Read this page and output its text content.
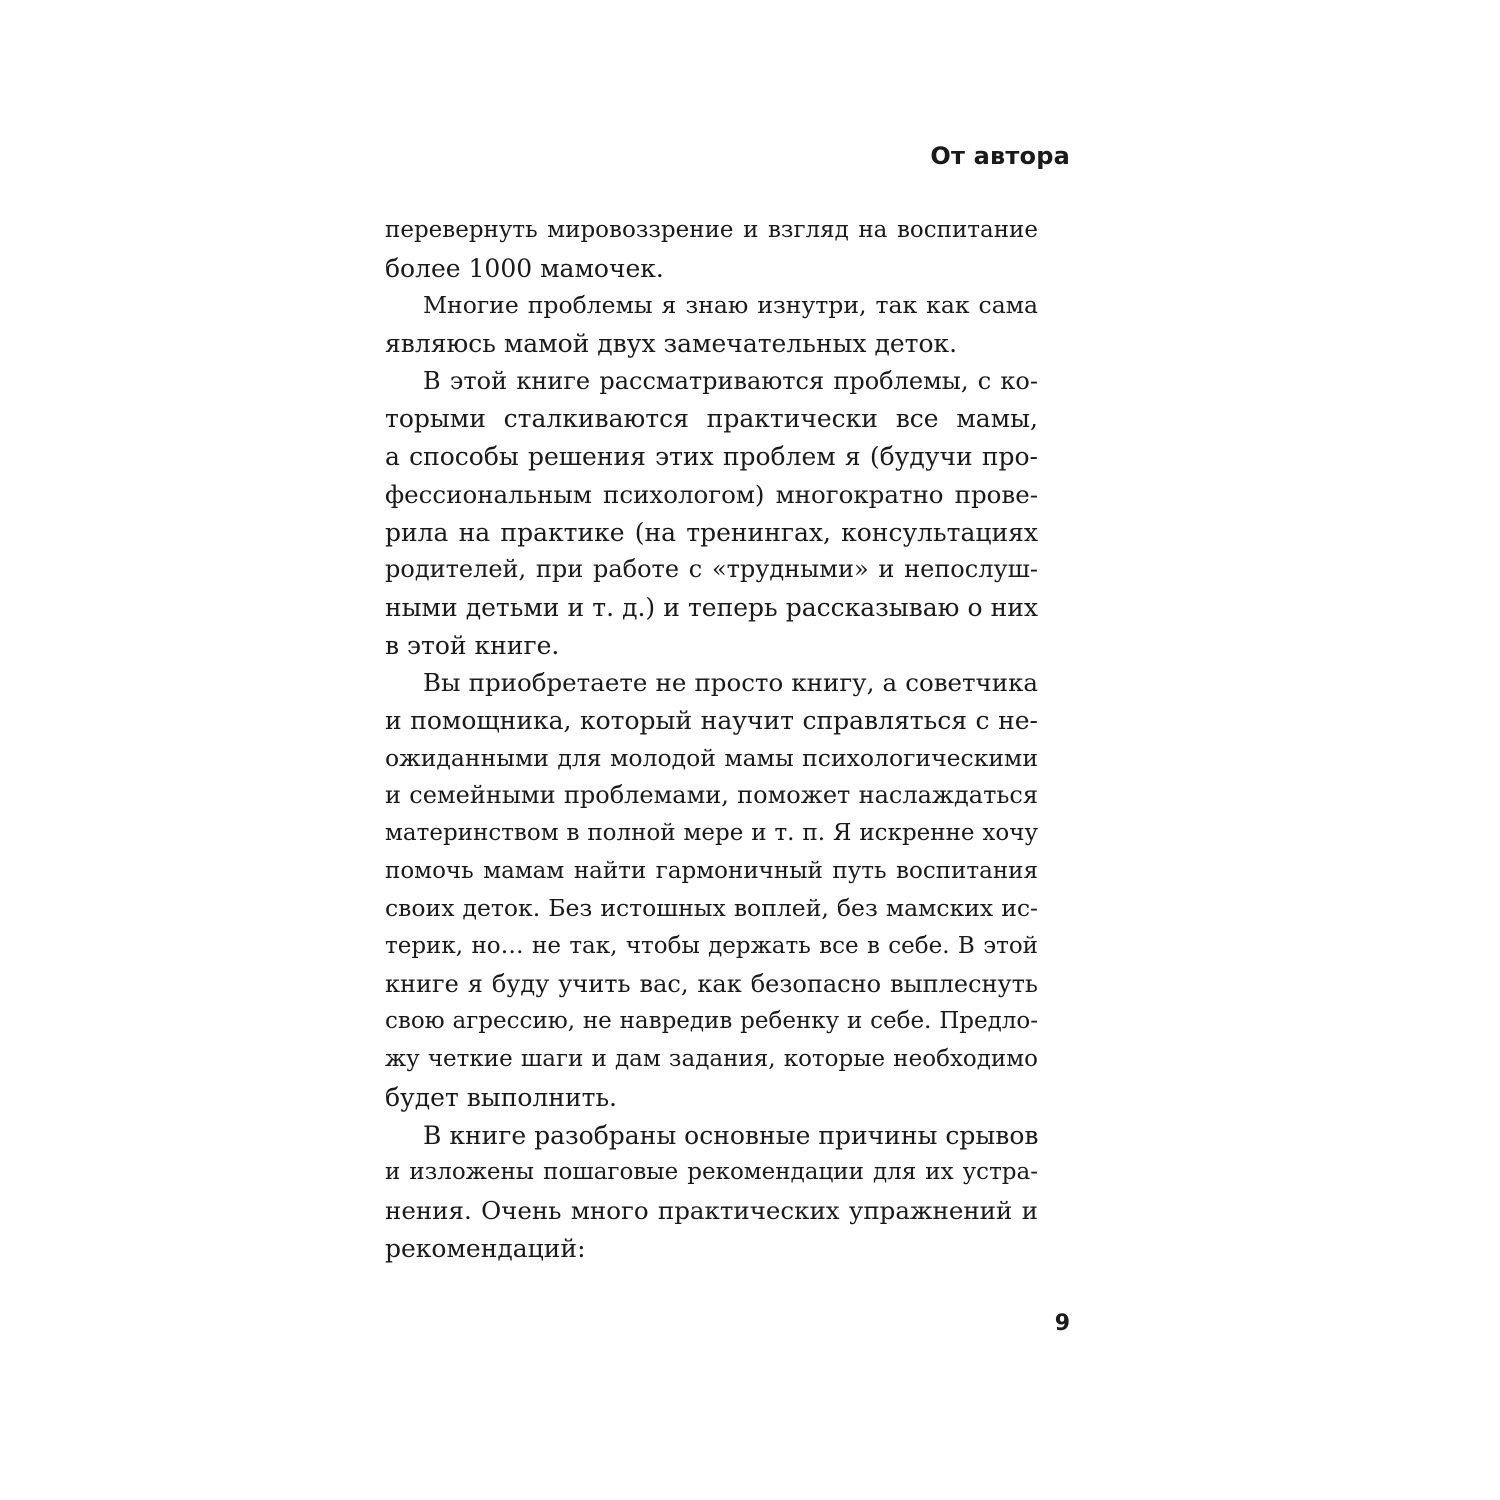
От автора
перевернуть мировоззрение и взгляд на воспитание
более 1000 мамочек.
Многие проблемы я знаю изнутри, так как сама
являюсь мамой двух замечательных деток.
В этой книге рассматриваются проблемы, с ко-
торыми сталкиваются практически все мамы,
а способы решения этих проблем я (будучи про-
фессиональным психологом) многократно прове-
рила на практике (на тренингах, консультациях
родителей, при работе с «трудными» и непослуш-
ными детьми и т. д.) и теперь рассказываю о них
в этой книге.
Вы приобретаете не просто книгу, а советчика
и помощника, который научит справляться с не-
ожиданными для молодой мамы психологическими
и семейными проблемами, поможет наслаждаться
материнством в полной мере и т. п. Я искренне хочу
помочь мамам найти гармоничный путь воспитания
своих деток. Без истошных воплей, без мамских ис-
терик, но… не так, чтобы держать все в себе. В этой
книге я буду учить вас, как безопасно выплеснуть
свою агрессию, не навредив ребенку и себе. Предло-
жу четкие шаги и дам задания, которые необходимо
будет выполнить.
В книге разобраны основные причины срывов
и изложены пошаговые рекомендации для их устра-
нения. Очень много практических упражнений и
рекомендаций:
9
